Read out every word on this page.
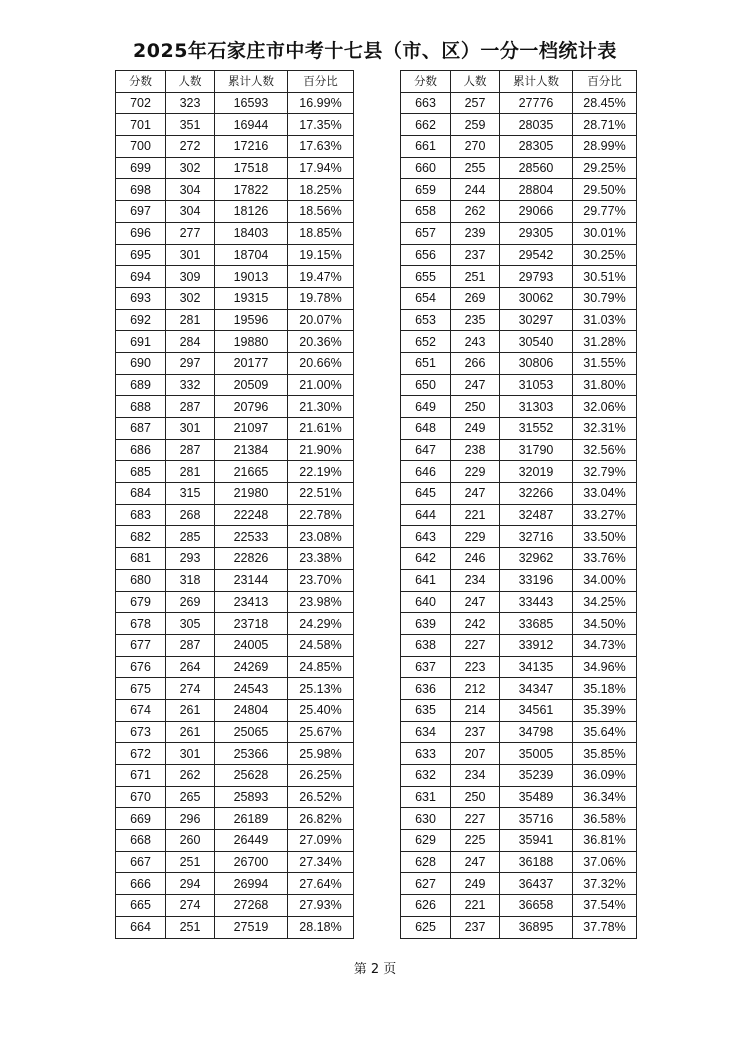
2025年石家庄市中考十七县（市、区）一分一档统计表
分数	人数	累计人数	百分比
702	323	16593	16.99%
701	351	16944	17.35%
700	272	17216	17.63%
699	302	17518	17.94%
698	304	17822	18.25%
697	304	18126	18.56%
696	277	18403	18.85%
695	301	18704	19.15%
694	309	19013	19.47%
693	302	19315	19.78%
692	281	19596	20.07%
691	284	19880	20.36%
690	297	20177	20.66%
689	332	20509	21.00%
688	287	20796	21.30%
687	301	21097	21.61%
686	287	21384	21.90%
685	281	21665	22.19%
684	315	21980	22.51%
683	268	22248	22.78%
682	285	22533	23.08%
681	293	22826	23.38%
680	318	23144	23.70%
679	269	23413	23.98%
678	305	23718	24.29%
677	287	24005	24.58%
676	264	24269	24.85%
675	274	24543	25.13%
674	261	24804	25.40%
673	261	25065	25.67%
672	301	25366	25.98%
671	262	25628	26.25%
670	265	25893	26.52%
669	296	26189	26.82%
668	260	26449	27.09%
667	251	26700	27.34%
666	294	26994	27.64%
665	274	27268	27.93%
664	251	27519	28.18%
分数	人数	累计人数	百分比
663	257	27776	28.45%
662	259	28035	28.71%
661	270	28305	28.99%
660	255	28560	29.25%
659	244	28804	29.50%
658	262	29066	29.77%
657	239	29305	30.01%
656	237	29542	30.25%
655	251	29793	30.51%
654	269	30062	30.79%
653	235	30297	31.03%
652	243	30540	31.28%
651	266	30806	31.55%
650	247	31053	31.80%
649	250	31303	32.06%
648	249	31552	32.31%
647	238	31790	32.56%
646	229	32019	32.79%
645	247	32266	33.04%
644	221	32487	33.27%
643	229	32716	33.50%
642	246	32962	33.76%
641	234	33196	34.00%
640	247	33443	34.25%
639	242	33685	34.50%
638	227	33912	34.73%
637	223	34135	34.96%
636	212	34347	35.18%
635	214	34561	35.39%
634	237	34798	35.64%
633	207	35005	35.85%
632	234	35239	36.09%
631	250	35489	36.34%
630	227	35716	36.58%
629	225	35941	36.81%
628	247	36188	37.06%
627	249	36437	37.32%
626	221	36658	37.54%
625	237	36895	37.78%
第 2 页
